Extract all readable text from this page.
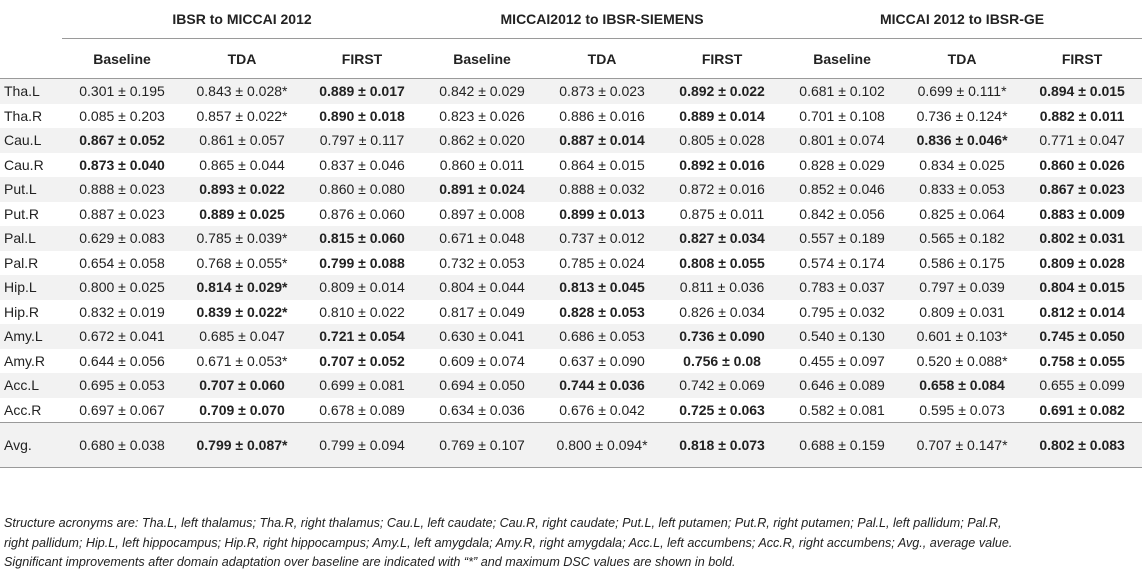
	IBSR to MICCAI 2012			MICCAI2012 to IBSR-SIEMENS			MICCAI 2012 to IBSR-GE		
	Baseline	TDA	FIRST	Baseline	TDA	FIRST	Baseline	TDA	FIRST
Tha.L	0.301 ± 0.195	0.843 ± 0.028*	0.889 ± 0.017	0.842 ± 0.029	0.873 ± 0.023	0.892 ± 0.022	0.681 ± 0.102	0.699 ± 0.111*	0.894 ± 0.015
Tha.R	0.085 ± 0.203	0.857 ± 0.022*	0.890 ± 0.018	0.823 ± 0.026	0.886 ± 0.016	0.889 ± 0.014	0.701 ± 0.108	0.736 ± 0.124*	0.882 ± 0.011
Cau.L	0.867 ± 0.052	0.861 ± 0.057	0.797 ± 0.117	0.862 ± 0.020	0.887 ± 0.014	0.805 ± 0.028	0.801 ± 0.074	0.836 ± 0.046*	0.771 ± 0.047
Cau.R	0.873 ± 0.040	0.865 ± 0.044	0.837 ± 0.046	0.860 ± 0.011	0.864 ± 0.015	0.892 ± 0.016	0.828 ± 0.029	0.834 ± 0.025	0.860 ± 0.026
Put.L	0.888 ± 0.023	0.893 ± 0.022	0.860 ± 0.080	0.891 ± 0.024	0.888 ± 0.032	0.872 ± 0.016	0.852 ± 0.046	0.833 ± 0.053	0.867 ± 0.023
Put.R	0.887 ± 0.023	0.889 ± 0.025	0.876 ± 0.060	0.897 ± 0.008	0.899 ± 0.013	0.875 ± 0.011	0.842 ± 0.056	0.825 ± 0.064	0.883 ± 0.009
Pal.L	0.629 ± 0.083	0.785 ± 0.039*	0.815 ± 0.060	0.671 ± 0.048	0.737 ± 0.012	0.827 ± 0.034	0.557 ± 0.189	0.565 ± 0.182	0.802 ± 0.031
Pal.R	0.654 ± 0.058	0.768 ± 0.055*	0.799 ± 0.088	0.732 ± 0.053	0.785 ± 0.024	0.808 ± 0.055	0.574 ± 0.174	0.586 ± 0.175	0.809 ± 0.028
Hip.L	0.800 ± 0.025	0.814 ± 0.029*	0.809 ± 0.014	0.804 ± 0.044	0.813 ± 0.045	0.811 ± 0.036	0.783 ± 0.037	0.797 ± 0.039	0.804 ± 0.015
Hip.R	0.832 ± 0.019	0.839 ± 0.022*	0.810 ± 0.022	0.817 ± 0.049	0.828 ± 0.053	0.826 ± 0.034	0.795 ± 0.032	0.809 ± 0.031	0.812 ± 0.014
Amy.L	0.672 ± 0.041	0.685 ± 0.047	0.721 ± 0.054	0.630 ± 0.041	0.686 ± 0.053	0.736 ± 0.090	0.540 ± 0.130	0.601 ± 0.103*	0.745 ± 0.050
Amy.R	0.644 ± 0.056	0.671 ± 0.053*	0.707 ± 0.052	0.609 ± 0.074	0.637 ± 0.090	0.756 ± 0.08	0.455 ± 0.097	0.520 ± 0.088*	0.758 ± 0.055
Acc.L	0.695 ± 0.053	0.707 ± 0.060	0.699 ± 0.081	0.694 ± 0.050	0.744 ± 0.036	0.742 ± 0.069	0.646 ± 0.089	0.658 ± 0.084	0.655 ± 0.099
Acc.R	0.697 ± 0.067	0.709 ± 0.070	0.678 ± 0.089	0.634 ± 0.036	0.676 ± 0.042	0.725 ± 0.063	0.582 ± 0.081	0.595 ± 0.073	0.691 ± 0.082
Avg.	0.680 ± 0.038	0.799 ± 0.087*	0.799 ± 0.094	0.769 ± 0.107	0.800 ± 0.094*	0.818 ± 0.073	0.688 ± 0.159	0.707 ± 0.147*	0.802 ± 0.083
Structure acronyms are: Tha.L, left thalamus; Tha.R, right thalamus; Cau.L, left caudate; Cau.R, right caudate; Put.L, left putamen; Put.R, right putamen; Pal.L, left pallidum; Pal.R,
right pallidum; Hip.L, left hippocampus; Hip.R, right hippocampus; Amy.L, left amygdala; Amy.R, right amygdala; Acc.L, left accumbens; Acc.R, right accumbens; Avg., average value.
Significant improvements after domain adaptation over baseline are indicated with “*” and maximum DSC values are shown in bold.
